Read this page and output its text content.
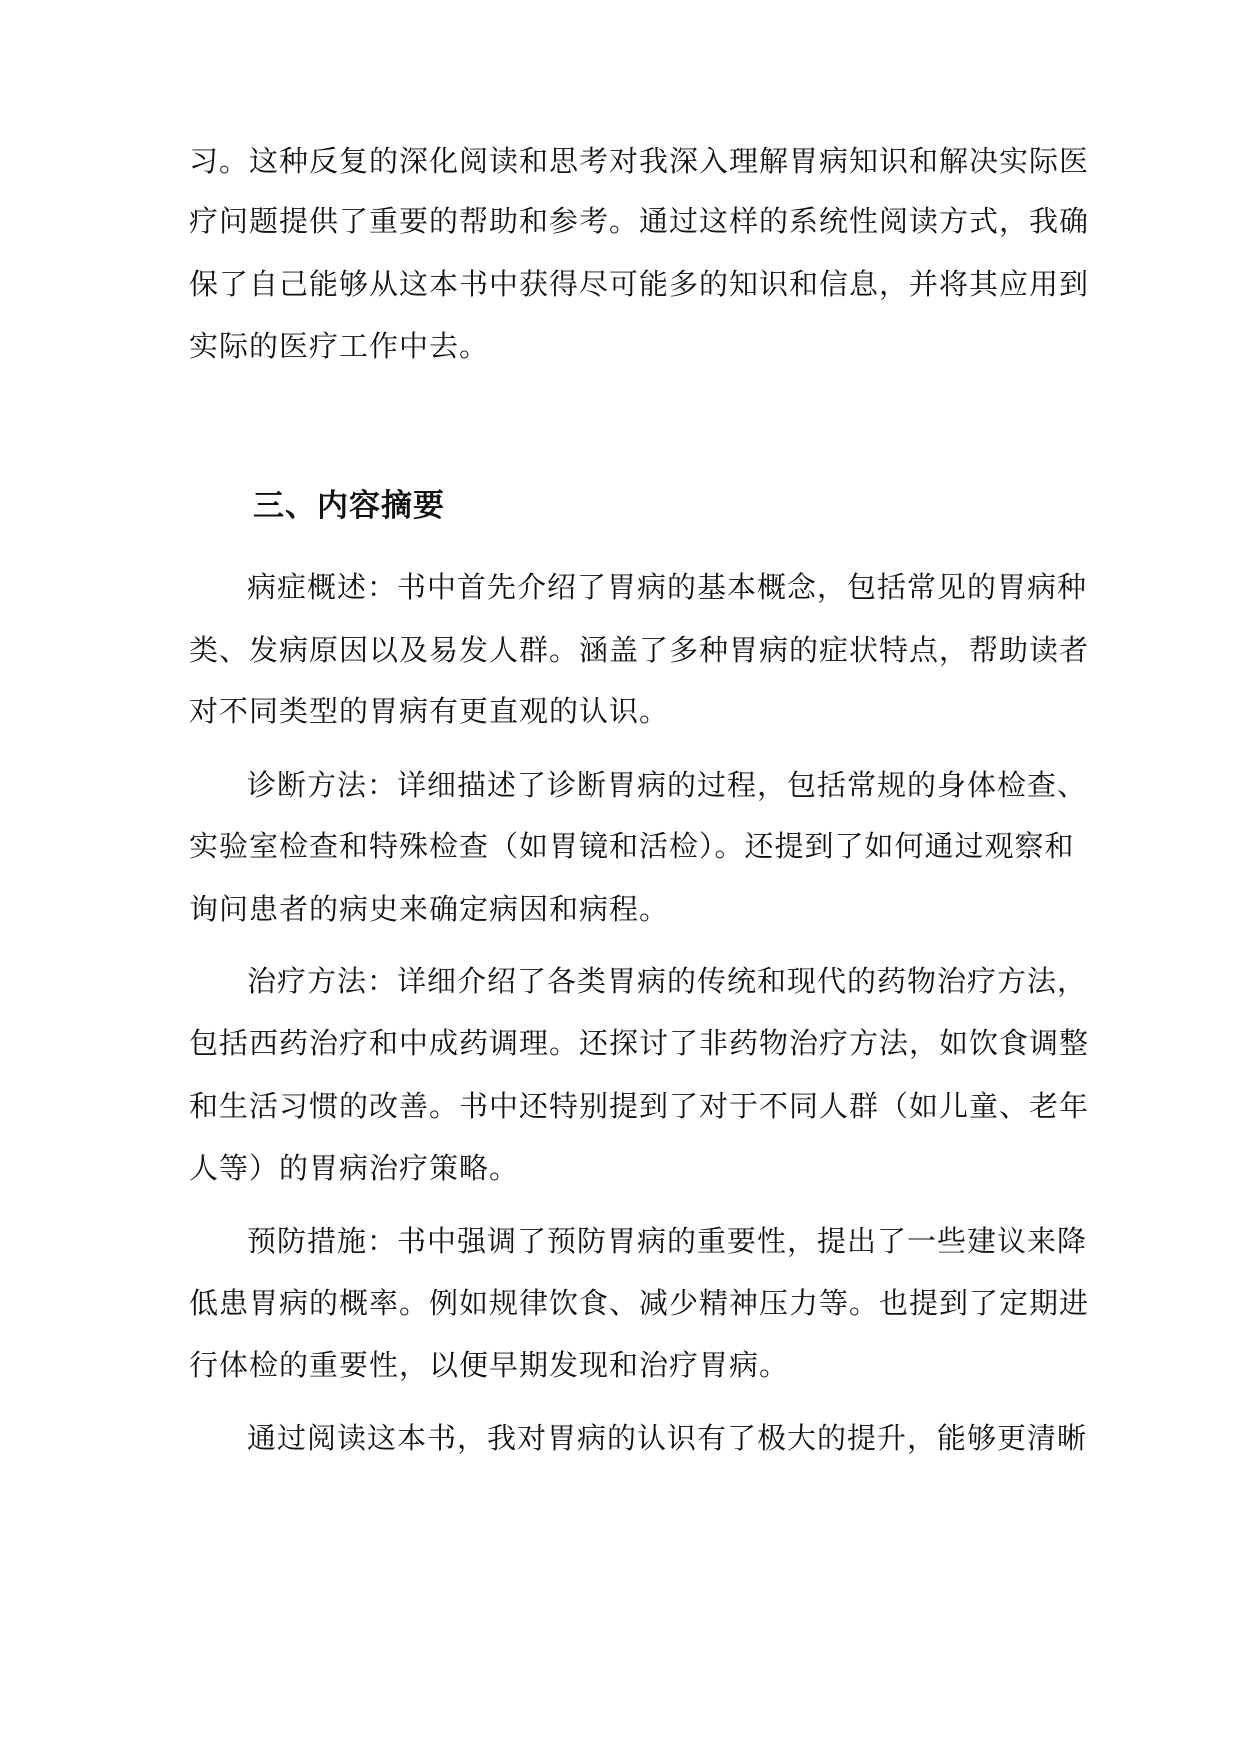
习。这种反复的深化阅读和思考对我深入理解胃病知识和解决实际医
疗问题提供了重要的帮助和参考。通过这样的系统性阅读方式，我确
保了自己能够从这本书中获得尽可能多的知识和信息，并将其应用到
实际的医疗工作中去。
三、内容摘要
病症概述：书中首先介绍了胃病的基本概念，包括常见的胃病种
类、发病原因以及易发人群。涵盖了多种胃病的症状特点，帮助读者
对不同类型的胃病有更直观的认识。
诊断方法：详细描述了诊断胃病的过程，包括常规的身体检查、
实验室检查和特殊检查（如胃镜和活检）。还提到了如何通过观察和
询问患者的病史来确定病因和病程。
治疗方法：详细介绍了各类胃病的传统和现代的药物治疗方法，
包括西药治疗和中成药调理。还探讨了非药物治疗方法，如饮食调整
和生活习惯的改善。书中还特别提到了对于不同人群（如儿童、老年
人等）的胃病治疗策略。
预防措施：书中强调了预防胃病的重要性，提出了一些建议来降
低患胃病的概率。例如规律饮食、减少精神压力等。也提到了定期进
行体检的重要性，以便早期发现和治疗胃病。
通过阅读这本书，我对胃病的认识有了极大的提升，能够更清晰
